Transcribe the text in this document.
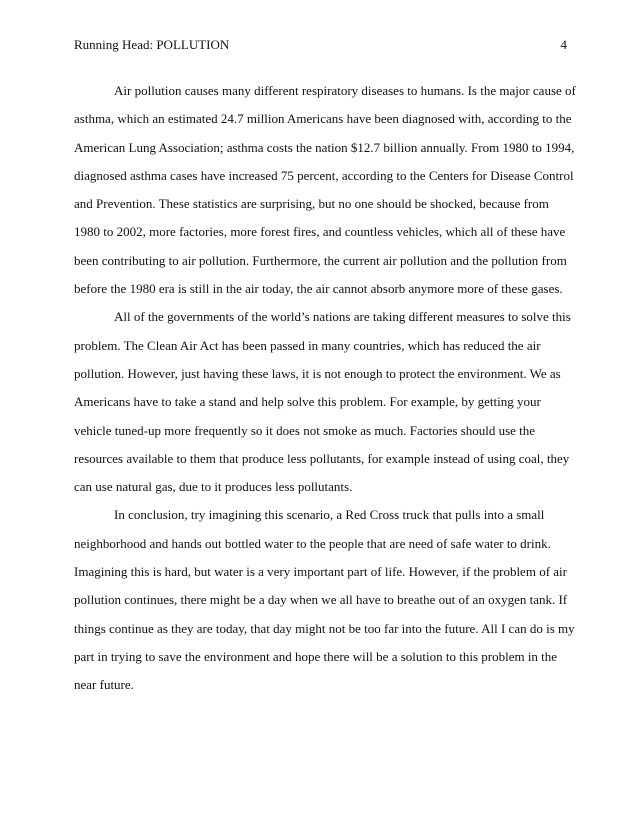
Running Head: POLLUTION	4
Air pollution causes many different respiratory diseases to humans. Is the major cause of
asthma, which an estimated 24.7 million Americans have been diagnosed with, according to the
American Lung Association; asthma costs the nation $12.7 billion annually. From 1980 to 1994,
diagnosed asthma cases have increased 75 percent, according to the Centers for Disease Control
and Prevention. These statistics are surprising, but no one should be shocked, because from
1980 to 2002, more factories, more forest fires, and countless vehicles, which all of these have
been contributing to air pollution. Furthermore, the current air pollution and the pollution from
before the 1980 era is still in the air today, the air cannot absorb anymore more of these gases.
All of the governments of the world’s nations are taking different measures to solve this
problem. The Clean Air Act has been passed in many countries, which has reduced the air
pollution. However, just having these laws, it is not enough to protect the environment. We as
Americans have to take a stand and help solve this problem. For example, by getting your
vehicle tuned-up more frequently so it does not smoke as much. Factories should use the
resources available to them that produce less pollutants, for example instead of using coal, they
can use natural gas, due to it produces less pollutants.
In conclusion, try imagining this scenario, a Red Cross truck that pulls into a small
neighborhood and hands out bottled water to the people that are need of safe water to drink.
Imagining this is hard, but water is a very important part of life. However, if the problem of air
pollution continues, there might be a day when we all have to breathe out of an oxygen tank. If
things continue as they are today, that day might not be too far into the future. All I can do is my
part in trying to save the environment and hope there will be a solution to this problem in the
near future.
